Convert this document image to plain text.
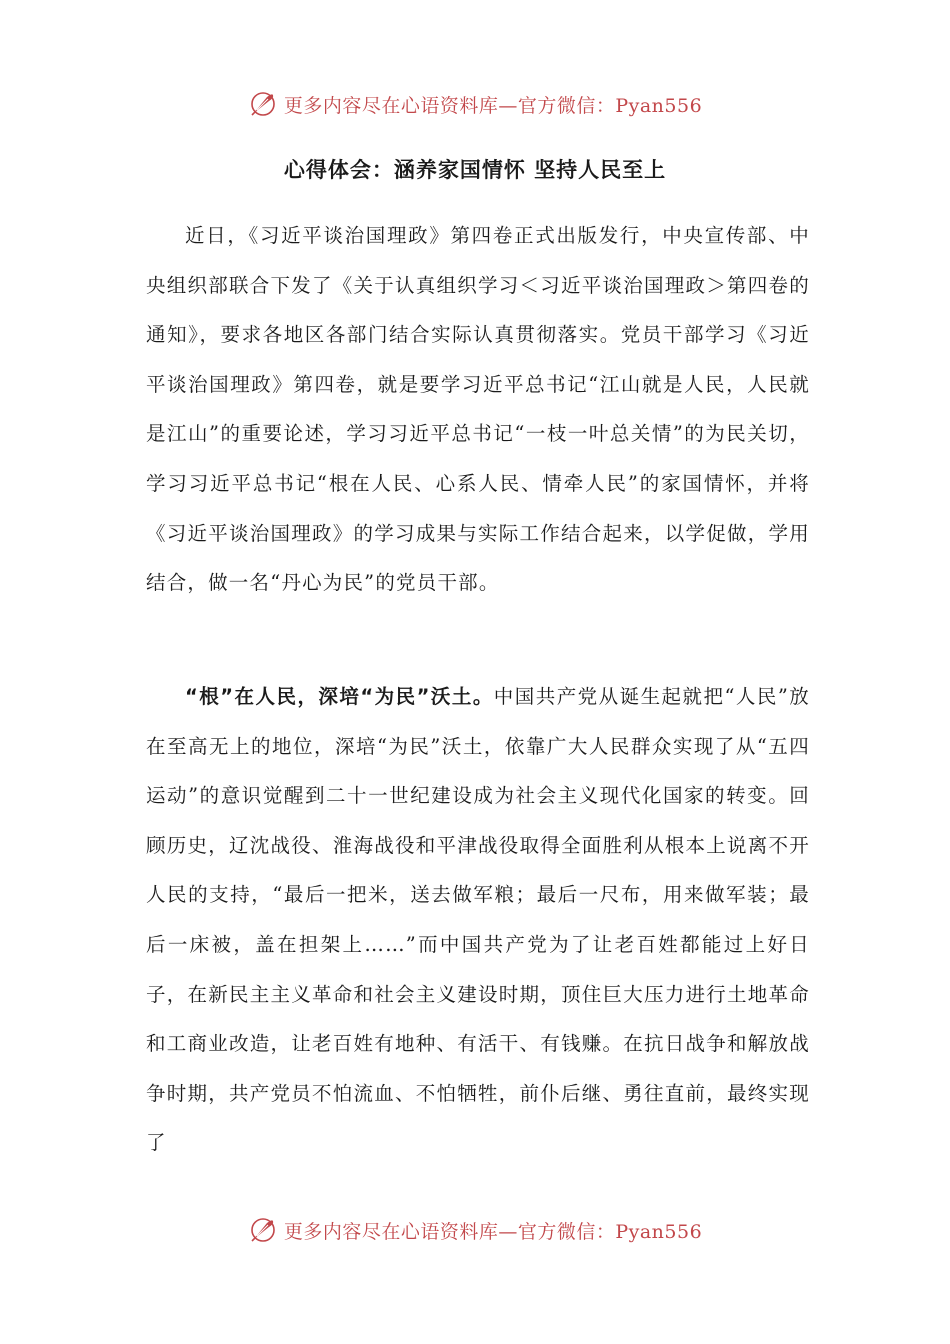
更多内容尽在心语资料库—官方微信：Pyan556
心得体会：涵养家国情怀 坚持人民至上

近日，《习近平谈治国理政》第四卷正式出版发行，中央宣传部、中央组织部联合下发了《关于认真组织学习＜习近平谈治国理政＞第四卷的通知》，要求各地区各部门结合实际认真贯彻落实。党员干部学习《习近平谈治国理政》第四卷，就是要学习近平总书记“江山就是人民，人民就是江山”的重要论述，学习习近平总书记“一枝一叶总关情”的为民关切，学习习近平总书记“根在人民、心系人民、情牵人民”的家国情怀，并将《习近平谈治国理政》的学习成果与实际工作结合起来，以学促做，学用结合，做一名“丹心为民”的党员干部。

“根”在人民，深培“为民”沃土。中国共产党从诞生起就把“人民”放在至高无上的地位，深培“为民”沃土，依靠广大人民群众实现了从“五四运动”的意识觉醒到二十一世纪建设成为社会主义现代化国家的转变。回顾历史，辽沈战役、淮海战役和平津战役取得全面胜利从根本上说离不开人民的支持，“最后一把米，送去做军粮；最后一尺布，用来做军装；最后一床被，盖在担架上……”而中国共产党为了让老百姓都能过上好日子，在新民主主义革命和社会主义建设时期，顶住巨大压力进行土地革命和工商业改造，让老百姓有地种、有活干、有钱赚。在抗日战争和解放战争时期，共产党员不怕流血、不怕牺牲，前仆后继、勇往直前，最终实现了

更多内容尽在心语资料库—官方微信：Pyan556
